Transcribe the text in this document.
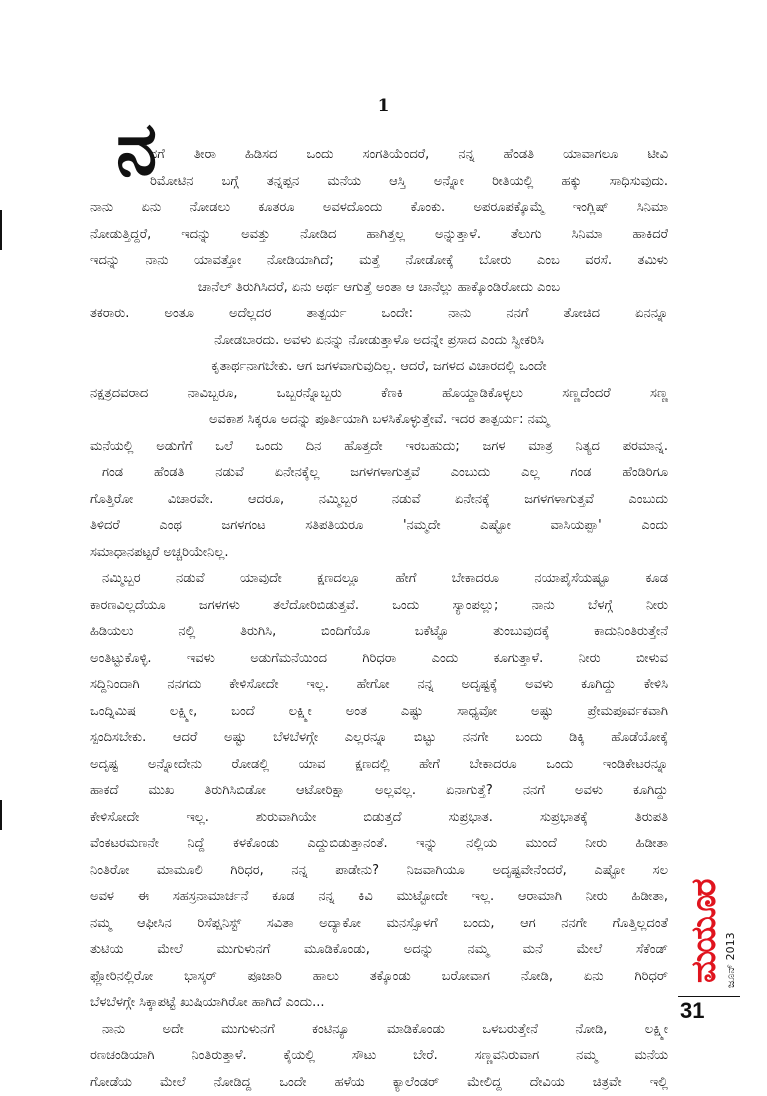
1
ನ
ನಗೆ ತೀರಾ ಹಿಡಿಸದ ಒಂದು ಸಂಗತಿಯೆಂದರೆ, ನನ್ನ ಹೆಂಡತಿ ಯಾವಾಗಲೂ ಟೀವಿ
ರಿಮೋಟಿನ ಬಗ್ಗೆ ತನ್ನಪ್ಪನ ಮನೆಯ ಆಸ್ತಿ ಅನ್ನೋ ರೀತಿಯಲ್ಲಿ ಹಕ್ಕು ಸಾಧಿಸುವುದು.
ನಾನು ಏನು ನೋಡಲು ಕೂತರೂ ಅವಳದೊಂದು ಕೊಂಕು. ಅಪರೂಪಕ್ಕೊಮ್ಮೆ ಇಂಗ್ಲಿಷ್ ಸಿನಿಮಾ
ನೋಡುತ್ತಿದ್ದರೆ, ಇದನ್ನು ಅವತ್ತು ನೋಡಿದ ಹಾಗಿತ್ತಲ್ಲ ಅನ್ನುತ್ತಾಳೆ. ತೆಲುಗು ಸಿನಿಮಾ ಹಾಕಿದರೆ
ಇದನ್ನು ನಾನು ಯಾವತ್ತೋ ನೋಡಿಯಾಗಿದೆ; ಮತ್ತೆ ನೋಡೋಕ್ಕೆ ಬೋರು ಎಂಬ ವರಸೆ. ತಮಿಳು
ಚಾನೆಲ್ ತಿರುಗಿಸಿದರೆ, ಏನು ಅರ್ಥ ಆಗುತ್ತೆ ಅಂತಾ ಆ ಚಾನೆಲ್ಲು ಹಾಕ್ಕೊಂಡಿರೋದು ಎಂಬ
ತಕರಾರು. ಅಂತೂ ಅದೆಲ್ಲದರ ತಾತ್ಪರ್ಯ ಒಂದೇ: ನಾನು ನನಗೆ ತೋಚಿದ ಏನನ್ನೂ
ನೋಡಬಾರದು. ಅವಳು ಏನನ್ನು ನೋಡುತ್ತಾಳೊ ಅದನ್ನೇ ಪ್ರಸಾದ ಎಂದು ಸ್ವೀಕರಿಸಿ
ಕೃತಾರ್ಥನಾಗಬೇಕು. ಆಗ ಜಗಳವಾಗುವುದಿಲ್ಲ. ಆದರೆ, ಜಗಳದ ವಿಚಾರದಲ್ಲಿ ಒಂದೇ
ನಕ್ಷತ್ರದವರಾದ ನಾವಿಬ್ಬರೂ, ಒಬ್ಬರನ್ನೊಬ್ಬರು ಕೆಣಕಿ ಹೊಯ್ದಾಡಿಕೊಳ್ಳಲು ಸಣ್ಣದೆಂದರೆ ಸಣ್ಣ
ಅವಕಾಶ ಸಿಕ್ಕರೂ ಅದನ್ನು ಪೂರ್ತಿಯಾಗಿ ಬಳಸಿಕೊಳ್ಳುತ್ತೇವೆ. ಇದರ ತಾತ್ಪರ್ಯ: ನಮ್ಮ
ಮನೆಯಲ್ಲಿ ಅಡುಗೆಗೆ ಒಲೆ ಒಂದು ದಿನ ಹೊತ್ತದೇ ಇರಬಹುದು; ಜಗಳ ಮಾತ್ರ ನಿತ್ಯದ ಪರಮಾನ್ನ.
ಗಂಡ ಹೆಂಡತಿ ನಡುವೆ ಏನೇನಕ್ಕೆಲ್ಲ ಜಗಳಗಳಾಗುತ್ತವೆ ಎಂಬುದು ಎಲ್ಲ ಗಂಡ ಹೆಂಡಿರಿಗೂ
ಗೊತ್ತಿರೋ ವಿಚಾರವೇ. ಆದರೂ, ನಮ್ಮಿಬ್ಬರ ನಡುವೆ ಏನೇನಕ್ಕೆ ಜಗಳಗಳಾಗುತ್ತವೆ ಎಂಬುದು
ತಿಳಿದರೆ ಎಂಥ ಜಗಳಗಂಟ ಸತಿಪತಿಯರೂ 'ನಮ್ಮದೇ ಎಷ್ಟೋ ವಾಸಿಯಪ್ಪಾ' ಎಂದು
ಸಮಾಧಾನಪಟ್ಟರೆ ಅಚ್ಚರಿಯೇನಿಲ್ಲ.
ನಮ್ಮಿಬ್ಬರ ನಡುವೆ ಯಾವುದೇ ಕ್ಷಣದಲ್ಲೂ ಹೇಗೆ ಬೇಕಾದರೂ ನಯಾಪೈಸೆಯಷ್ಟೂ ಕೂಡ
ಕಾರಣವಿಲ್ಲದೆಯೂ ಜಗಳಗಳು ತಲೆದೋರಿಬಿಡುತ್ತವೆ. ಒಂದು ಸ್ಯಾಂಪಲ್ಲು; ನಾನು ಬೆಳಗ್ಗೆ ನೀರು
ಹಿಡಿಯಲು ನಲ್ಲಿ ತಿರುಗಿಸಿ, ಬಿಂದಿಗೆಯೊ ಬಕೆಟ್ಟೊ ತುಂಬುವುದಕ್ಕೆ ಕಾದುನಿಂತಿರುತ್ತೇನೆ
ಅಂತಿಟ್ಟುಕೊಳ್ಳಿ. ಇವಳು ಅಡುಗೆಮನೆಯಿಂದ ಗಿರಿಧರಾ ಎಂದು ಕೂಗುತ್ತಾಳೆ. ನೀರು ಬೀಳುವ
ಸದ್ದಿನಿಂದಾಗಿ ನನಗದು ಕೇಳಿಸೋದೇ ಇಲ್ಲ. ಹೇಗೋ ನನ್ನ ಅದೃಷ್ಟಕ್ಕೆ ಅವಳು ಕೂಗಿದ್ದು ಕೇಳಿಸಿ
ಒಂದ್ನಿಮಿಷ ಲಕ್ಷ್ಮೀ, ಬಂದೆ ಲಕ್ಷ್ಮೀ ಅಂತ ಎಷ್ಟು ಸಾಧ್ಯವೋ ಅಷ್ಟು ಪ್ರೇಮಪೂರ್ವಕವಾಗಿ
ಸ್ಪಂದಿಸಬೇಕು. ಆದರೆ ಅಷ್ಟು ಬೆಳಬೆಳಗ್ಗೇ ಎಲ್ಲರನ್ನೂ ಬಿಟ್ಟು ನನಗೇ ಬಂದು ಡಿಕ್ಕಿ ಹೊಡೆಯೋಕ್ಕೆ
ಅದೃಷ್ಟ ಅನ್ನೋದೇನು ರೋಡಲ್ಲಿ ಯಾವ ಕ್ಷಣದಲ್ಲಿ ಹೇಗೆ ಬೇಕಾದರೂ ಒಂದು ಇಂಡಿಕೇಟರನ್ನೂ
ಹಾಕದೆ ಮುಖ ತಿರುಗಿಸಿಬಿಡೋ ಆಟೋರಿಕ್ಷಾ ಅಲ್ಲವಲ್ಲ. ಏನಾಗುತ್ತೆ? ನನಗೆ ಅವಳು ಕೂಗಿದ್ದು
ಕೇಳಿಸೋದೇ ಇಲ್ಲ. ಶುರುವಾಗಿಯೇ ಬಿಡುತ್ತದೆ ಸುಪ್ರಭಾತ. ಸುಪ್ರಭಾತಕ್ಕೆ ತಿರುಪತಿ
ವೆಂಕಟರಮಣನೇ ನಿದ್ದೆ ಕಳಕೊಂಡು ಎದ್ದುಬಿಡುತ್ತಾನಂತೆ. ಇನ್ನು ನಲ್ಲಿಯ ಮುಂದೆ ನೀರು ಹಿಡೀತಾ
ನಿಂತಿರೋ ಮಾಮೂಲಿ ಗಿರಿಧರ, ನನ್ನ ಪಾಡೇನು? ನಿಜವಾಗಿಯೂ ಅದೃಷ್ಟವೇನೆಂದರೆ, ಎಷ್ಟೋ ಸಲ
ಅವಳ ಈ ಸಹಸ್ರನಾಮಾರ್ಚನೆ ಕೂಡ ನನ್ನ ಕಿವಿ ಮುಟ್ಟೋದೇ ಇಲ್ಲ. ಆರಾಮಾಗಿ ನೀರು ಹಿಡೀತಾ,
ನಮ್ಮ ಆಫೀಸಿನ ರಿಸೆಪ್ಷನಿಸ್ಟ್ ಸವಿತಾ ಅದ್ಯಾಕೋ ಮನಸ್ಸೊಳಗೆ ಬಂದು, ಆಗ ನನಗೇ ಗೊತ್ತಿಲ್ಲದಂತೆ
ತುಟಿಯ ಮೇಲೆ ಮುಗುಳುನಗೆ ಮೂಡಿಕೊಂಡು, ಅದನ್ನು ನಮ್ಮ ಮನೆ ಮೇಲೆ ಸೆಕೆಂಡ್
ಫ್ಲೋರಿನಲ್ಲಿರೋ ಭಾಸ್ಕರ್ ಪೂಜಾರಿ ಹಾಲು ತಕ್ಕೊಂಡು ಬರೋವಾಗ ನೋಡಿ, ಏನು ಗಿರಿಧರ್
ಬೆಳಬೆಳಗ್ಗೇ ಸಿಕ್ಕಾಪಟ್ಟೆ ಖುಷಿಯಾಗಿರೋ ಹಾಗಿದೆ ಎಂದು...
ನಾನು ಅದೇ ಮುಗುಳುನಗೆ ಕಂಟಿನ್ಯೂ ಮಾಡಿಕೊಂಡು ಒಳಬರುತ್ತೇನೆ ನೋಡಿ, ಲಕ್ಷ್ಮೀ
ರಣಚಂಡಿಯಾಗಿ ನಿಂತಿರುತ್ತಾಳೆ. ಕೈಯಲ್ಲಿ ಸೌಟು ಬೇರೆ. ಸಣ್ಣವನಿರುವಾಗ ನಮ್ಮ ಮನೆಯ
ಗೋಡೆಯ ಮೇಲೆ ನೋಡಿದ್ದ ಒಂದೇ ಹಳೆಯ ಕ್ಯಾಲೆಂಡರ್ ಮೇಲಿದ್ದ ದೇವಿಯ ಚಿತ್ರವೇ ಇಲ್ಲಿ
ಜೂನ್ 2013
ಮಯೂರ
31
